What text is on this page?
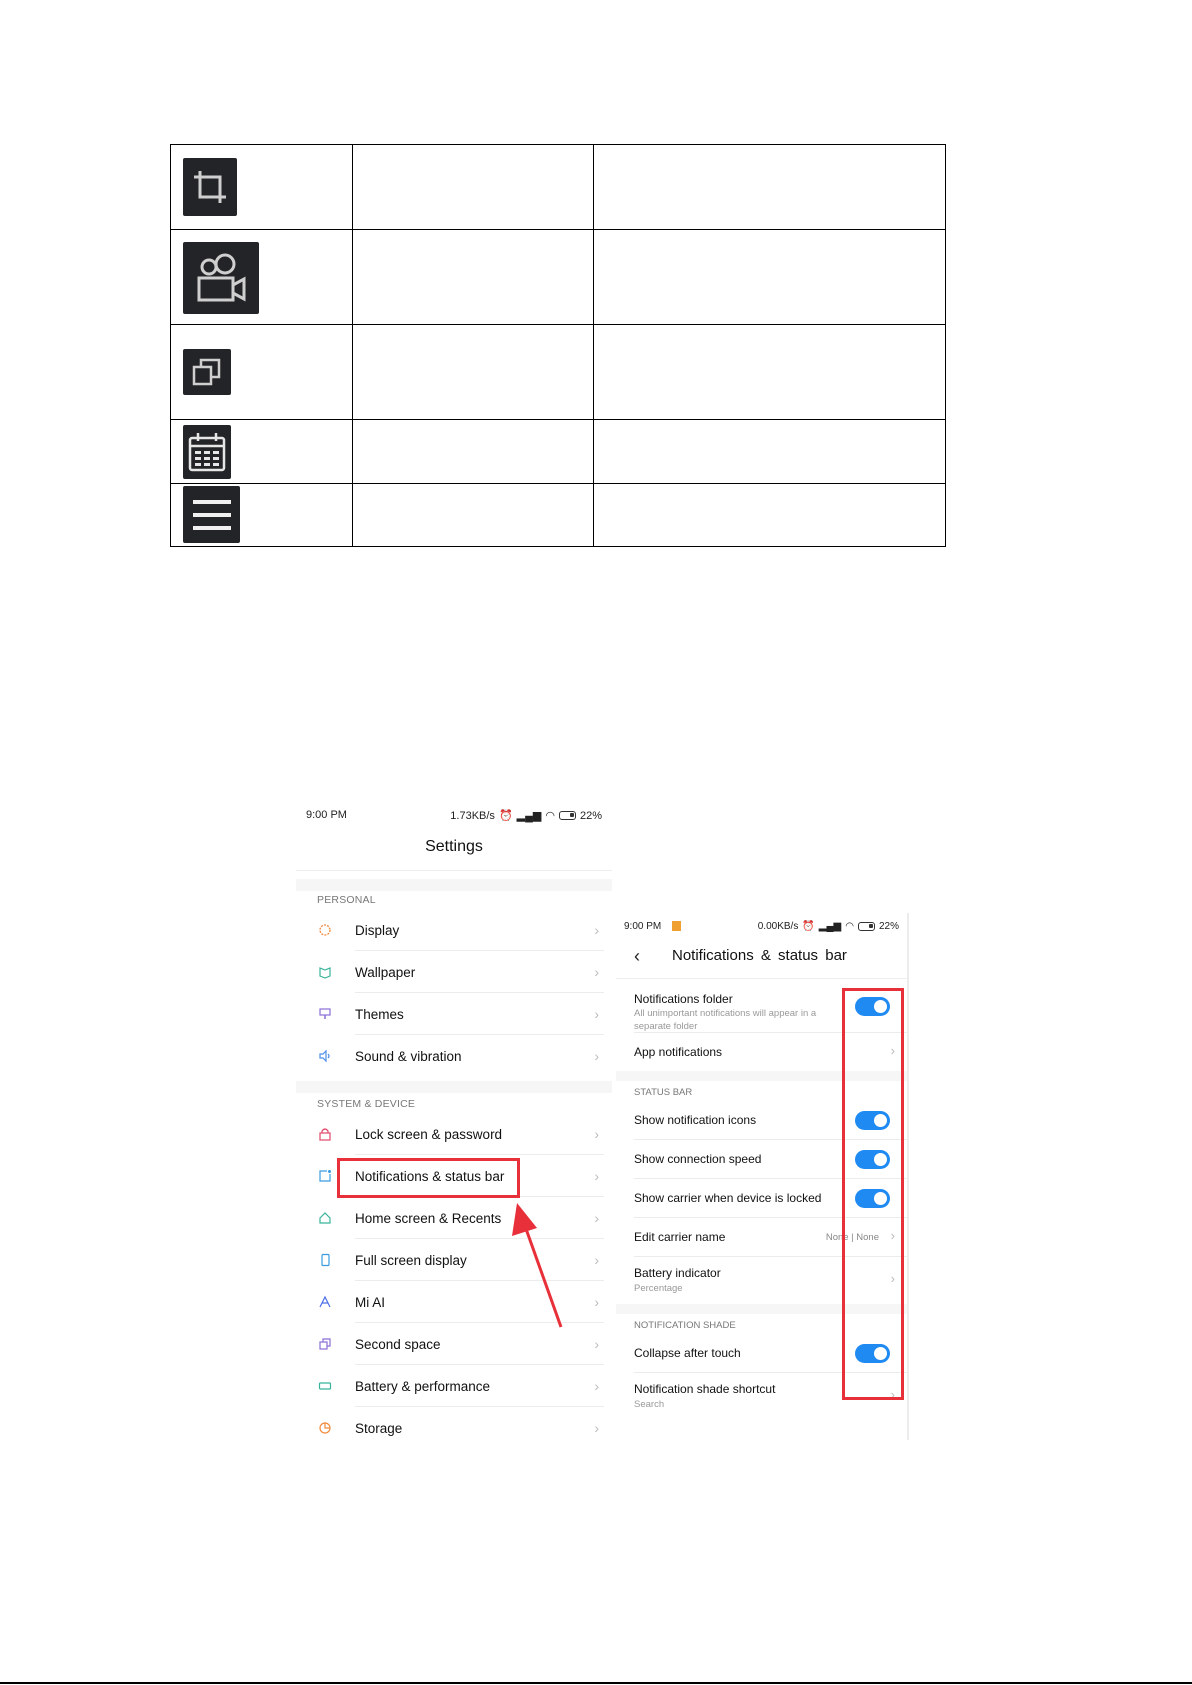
9:00 PM	1.73KB/s ⏰ ▂▄▆ ◠ 22%
Settings
PERSONAL
Display	›
Wallpaper	›
Themes	›
Sound & vibration	›
SYSTEM & DEVICE
Lock screen & password	›
Notifications & status bar	›
Home screen & Recents	›
Full screen display	›
Mi AI	›
Second space	›
Battery & performance	›
Storage	›
9:00 PM	0.00KB/s ⏰ ▂▄▆ ◠	22%
‹ Notifications & status bar
Notifications folder
All unimportant notifications will appear in a separate folder
App notifications	›
STATUS BAR
Show notification icons
Show connection speed
Show carrier when device is locked
Edit carrier name	None | None ›
Battery indicator
Percentage
›
NOTIFICATION SHADE
Collapse after touch
Notification shade shortcut
Search
›
